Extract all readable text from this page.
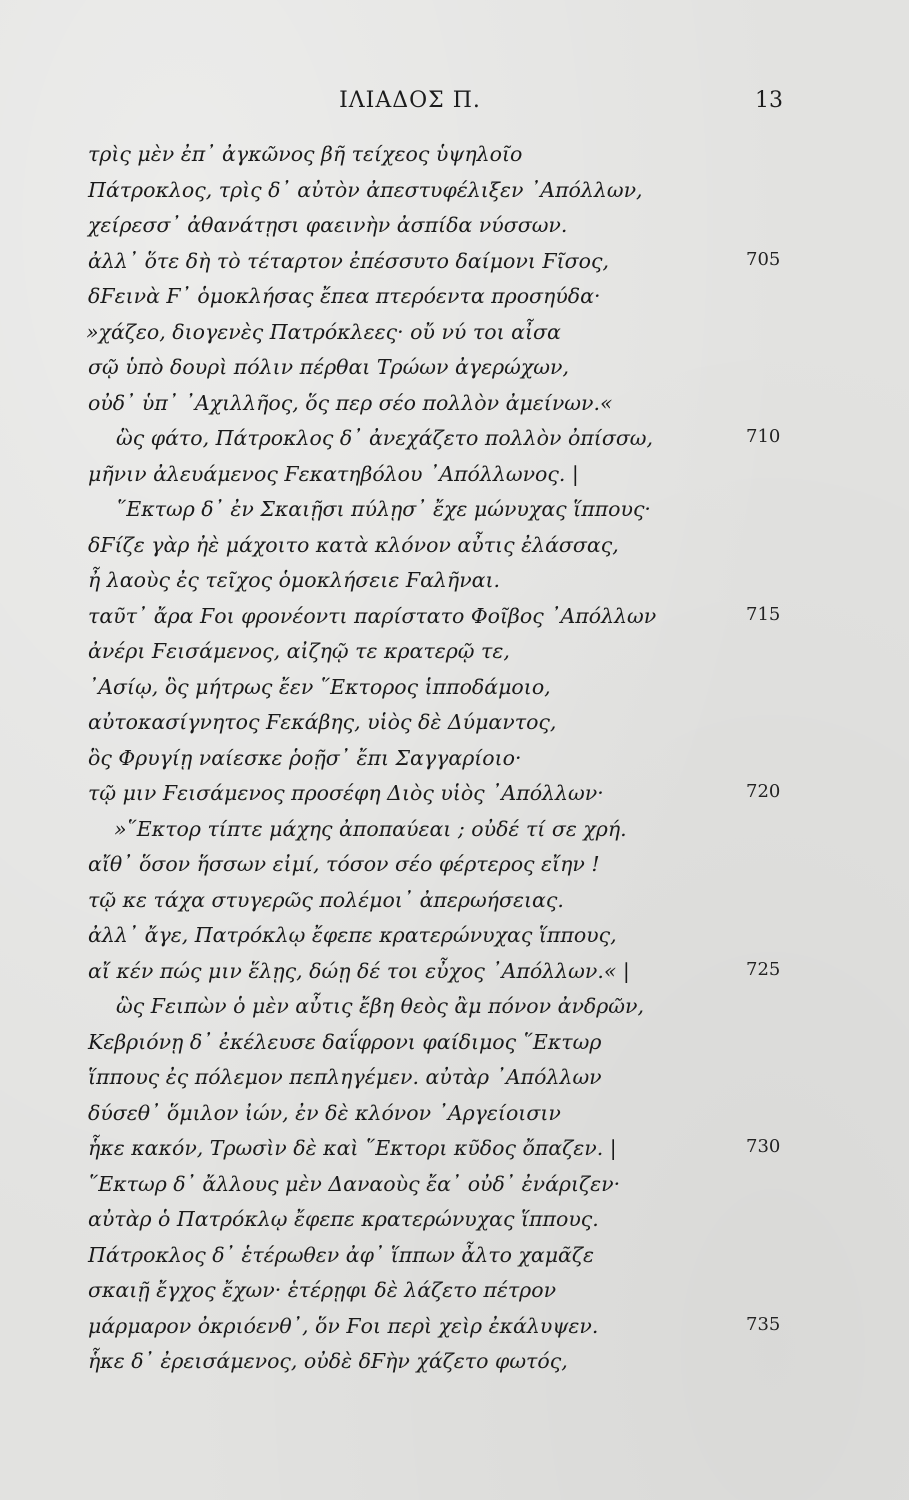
ΙΛΙΑΔΟΣ Π.	13
τρὶς μὲν ἐπ᾽ ἀγκῶνος βῆ τείχεος ὑψηλοῖο
Πάτροκλος, τρὶς δ᾽ αὐτὸν ἀπεστυφέλιξεν ᾽Απόλλων,
χείρεσσ᾽ ἀθανάτῃσι φαεινὴν ἀσπίδα νύσσων.
ἀλλ᾽ ὅτε δὴ τὸ τέταρτον ἐπέσσυτο δαίμονι Ϝῖσος,	705
δϜεινὰ Ϝ᾽ ὁμοκλήσας ἔπεα πτερόεντα προσηύδα·
»χάζεο, διογενὲς Πατρόκλεες· οὔ νύ τοι αἶσα
σῷ ὑπὸ δουρὶ πόλιν πέρθαι Τρώων ἀγερώχων,
οὐδ᾽ ὑπ᾽ ᾽Αχιλλῆος, ὅς περ σέο πολλὸν ἀμείνων.«
ὣς φάτο, Πάτροκλος δ᾽ ἀνεχάζετο πολλὸν ὀπίσσω,	710
μῆνιν ἀλευάμενος Ϝεκατηβόλου ᾽Απόλλωνος. |
῞Εκτωρ δ᾽ ἐν Σκαιῇσι πύλῃσ᾽ ἔχε μώνυχας ἵππους·
δϜίζε γὰρ ἠὲ μάχοιτο κατὰ κλόνον αὖτις ἐλάσσας,
ἦ λαοὺς ἐς τεῖχος ὁμοκλήσειε Ϝαλῆναι.
ταῦτ᾽ ἄρα Ϝοι φρονέοντι παρίστατο Φοῖβος ᾽Απόλλων	715
ἀνέρι Ϝεισάμενος, αἰζηῷ τε κρατερῷ τε,
᾽Ασίῳ, ὃς μήτρως ἔεν ῞Εκτορος ἱπποδάμοιο,
αὐτοκασίγνητος Ϝεκάβης, υἱὸς δὲ Δύμαντος,
ὃς Φρυγίῃ ναίεσκε ῥοῇσ᾽ ἔπι Σαγγαρίοιο·
τῷ μιν Ϝεισάμενος προσέφη Διὸς υἱὸς ᾽Απόλλων·	720
»῞Εκτορ τίπτε μάχης ἀποπαύεαι ; οὐδέ τί σε χρή.
αἴθ᾽ ὅσον ἥσσων εἰμί, τόσον σέο φέρτερος εἴην !
τῷ κε τάχα στυγερῶς πολέμοι᾽ ἀπερωήσειας.
ἀλλ᾽ ἄγε, Πατρόκλῳ ἔφεπε κρατερώνυχας ἵππους,
αἴ κέν πώς μιν ἕλῃς, δώῃ δέ τοι εὖχος ᾽Απόλλων.« |	725
ὣς Ϝειπὼν ὁ μὲν αὖτις ἔβη θεὸς ἂμ πόνον ἀνδρῶν,
Κεβριόνῃ δ᾽ ἐκέλευσε δαΐφρονι φαίδιμος ῞Εκτωρ
ἵππους ἐς πόλεμον πεπληγέμεν. αὐτὰρ ᾽Απόλλων
δύσεθ᾽ ὅμιλον ἰών, ἐν δὲ κλόνον ᾽Αργείοισιν
ἧκε κακόν, Τρωσὶν δὲ καὶ ῞Εκτορι κῦδος ὄπαζεν. |	730
῞Εκτωρ δ᾽ ἄλλους μὲν Δαναοὺς ἔα᾽ οὐδ᾽ ἐνάριζεν·
αὐτὰρ ὁ Πατρόκλῳ ἔφεπε κρατερώνυχας ἵππους.
Πάτροκλος δ᾽ ἑτέρωθεν ἀφ᾽ ἵππων ἆλτο χαμᾶζε
σκαιῇ ἔγχος ἔχων· ἑτέρῃφι δὲ λάζετο πέτρον
μάρμαρον ὀκριόενθ᾽, ὅν Ϝοι περὶ χεὶρ ἐκάλυψεν.	735
ἧκε δ᾽ ἐρεισάμενος, οὐδὲ δϜὴν χάζετο φωτός,
